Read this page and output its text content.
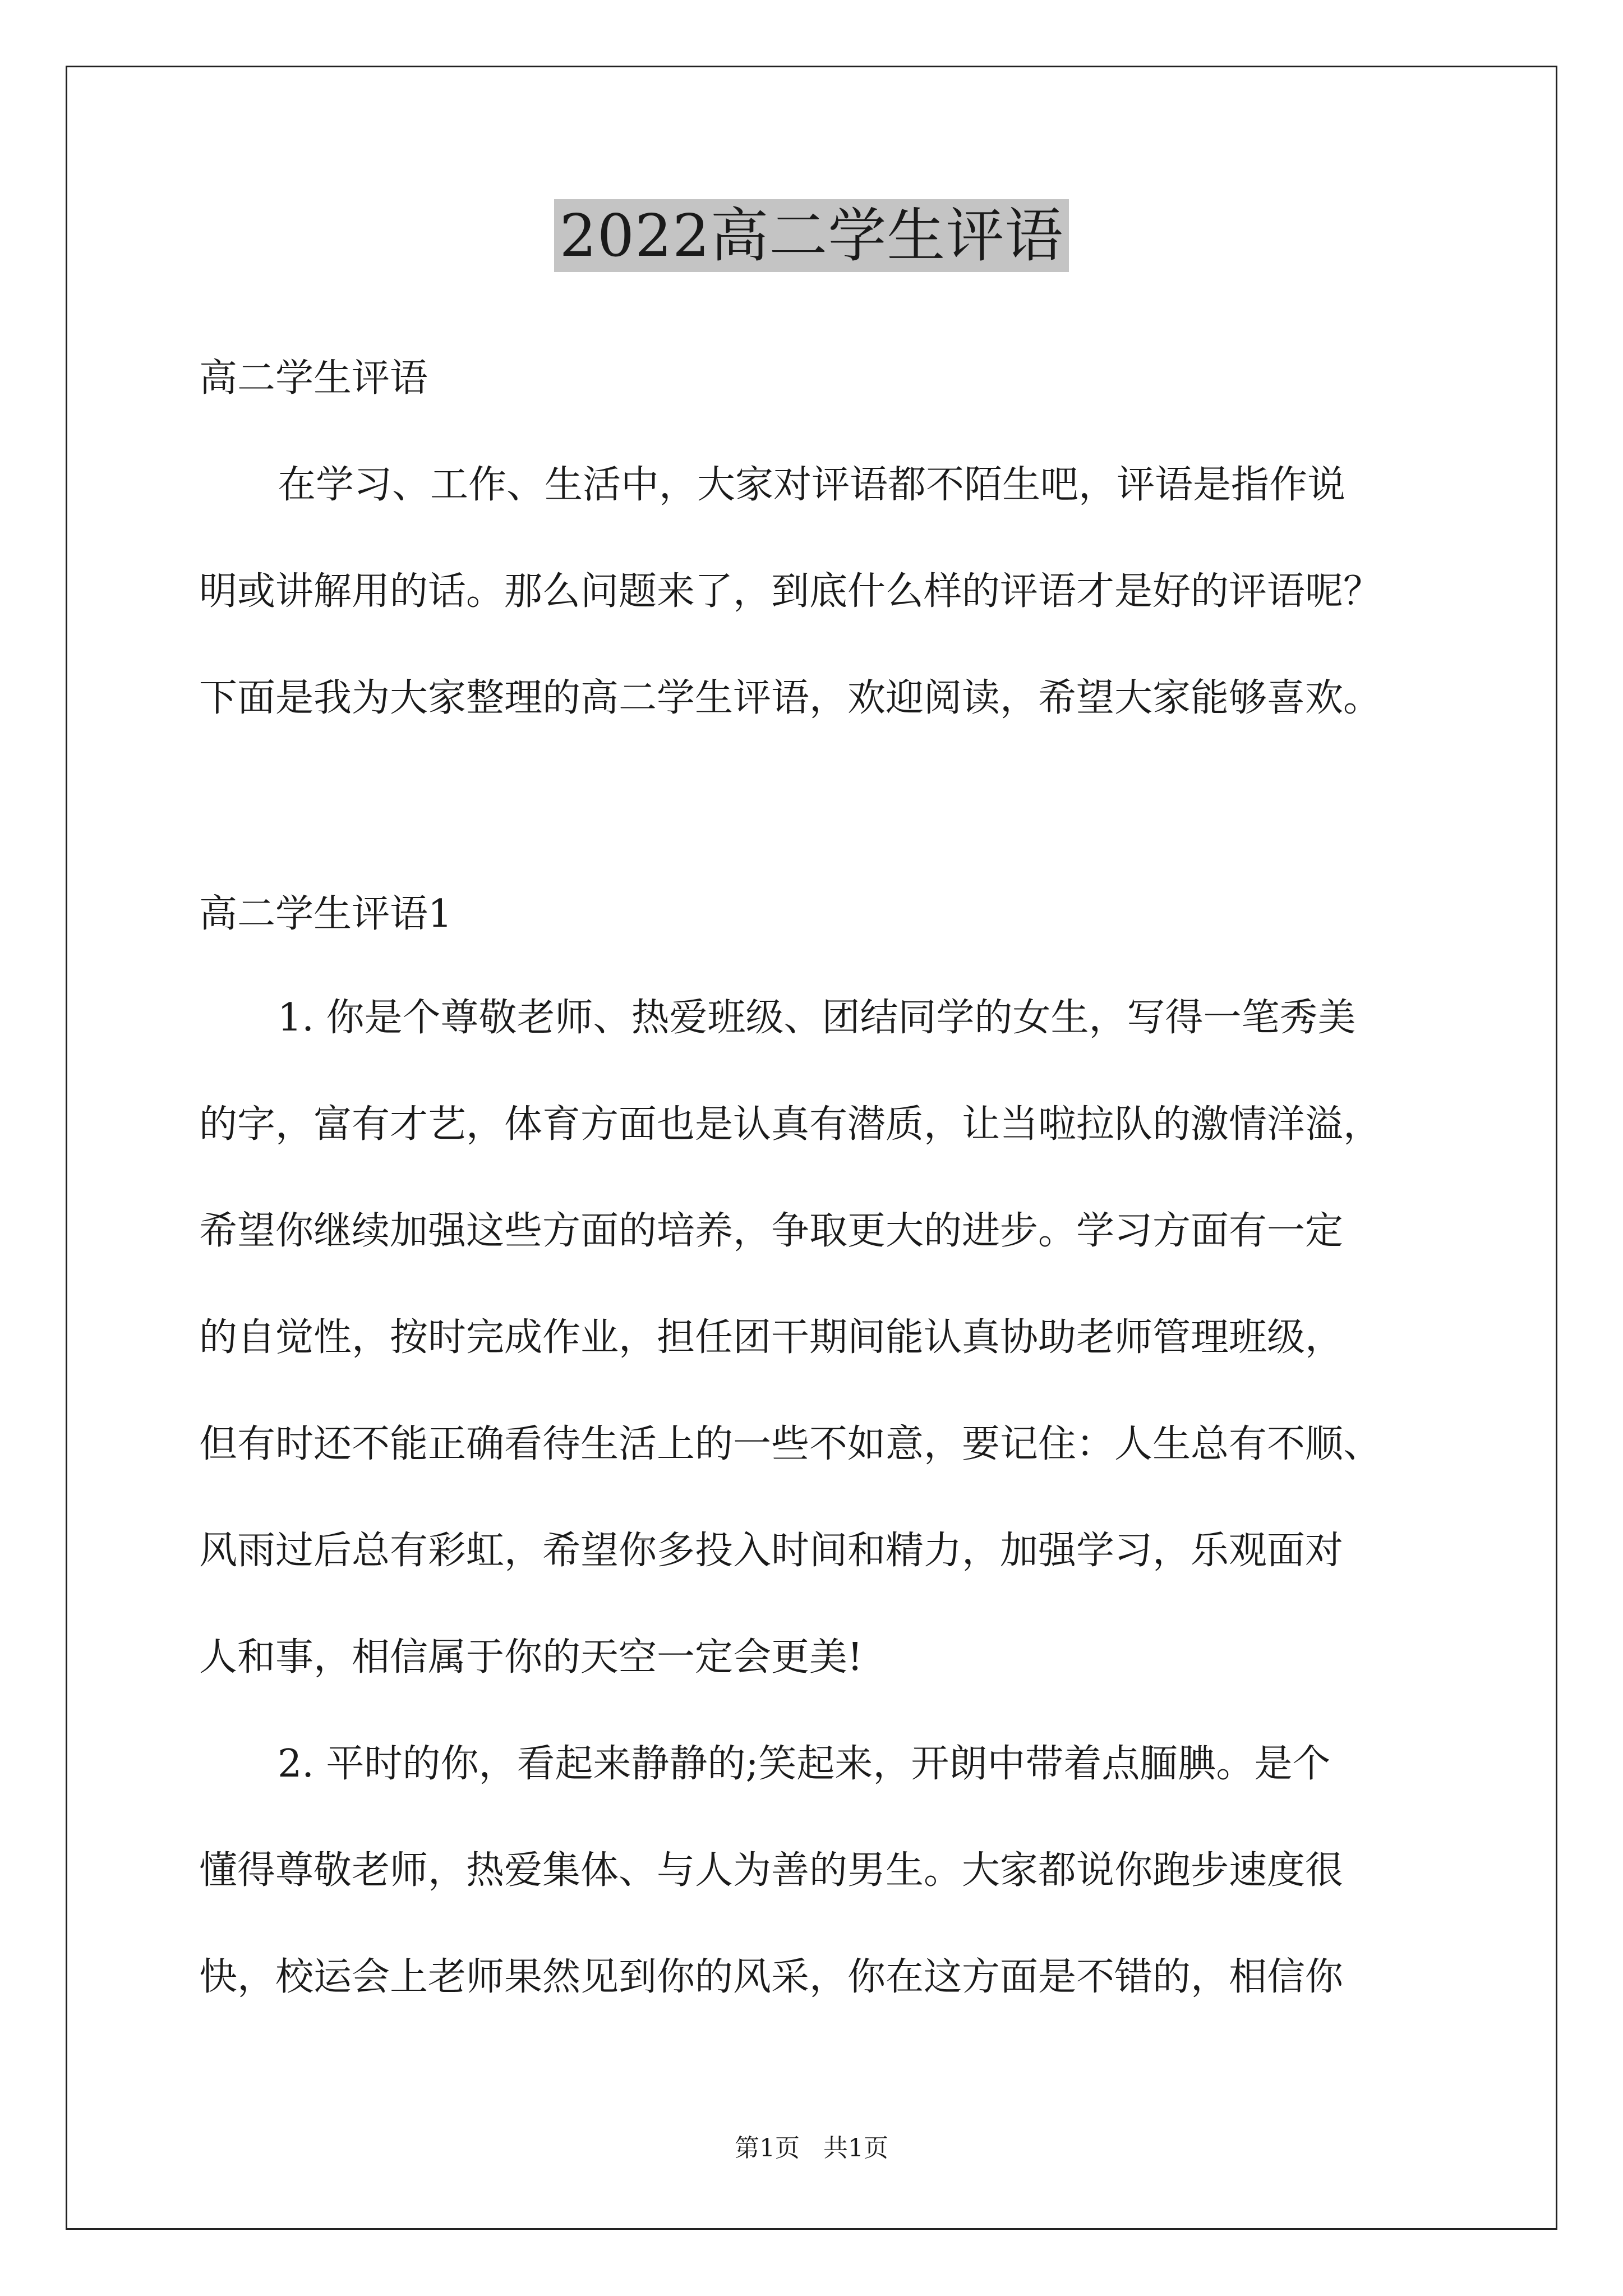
2022高二学生评语
高二学生评语
在学习、工作、生活中，大家对评语都不陌生吧，评语是指作说
明或讲解用的话。那么问题来了，到底什么样的评语才是好的评语呢？
下面是我为大家整理的高二学生评语，欢迎阅读，希望大家能够喜欢。
高二学生评语1
1. 你是个尊敬老师、热爱班级、团结同学的女生，写得一笔秀美
的字，富有才艺，体育方面也是认真有潜质，让当啦拉队的激情洋溢，
希望你继续加强这些方面的培养，争取更大的进步。学习方面有一定
的自觉性，按时完成作业，担任团干期间能认真协助老师管理班级，
但有时还不能正确看待生活上的一些不如意，要记住：人生总有不顺、
风雨过后总有彩虹，希望你多投入时间和精力，加强学习，乐观面对
人和事，相信属于你的天空一定会更美!
2. 平时的你，看起来静静的;笑起来，开朗中带着点腼腆。是个
懂得尊敬老师，热爱集体、与人为善的男生。大家都说你跑步速度很
快，校运会上老师果然见到你的风采，你在这方面是不错的，相信你
第1页 共1页
